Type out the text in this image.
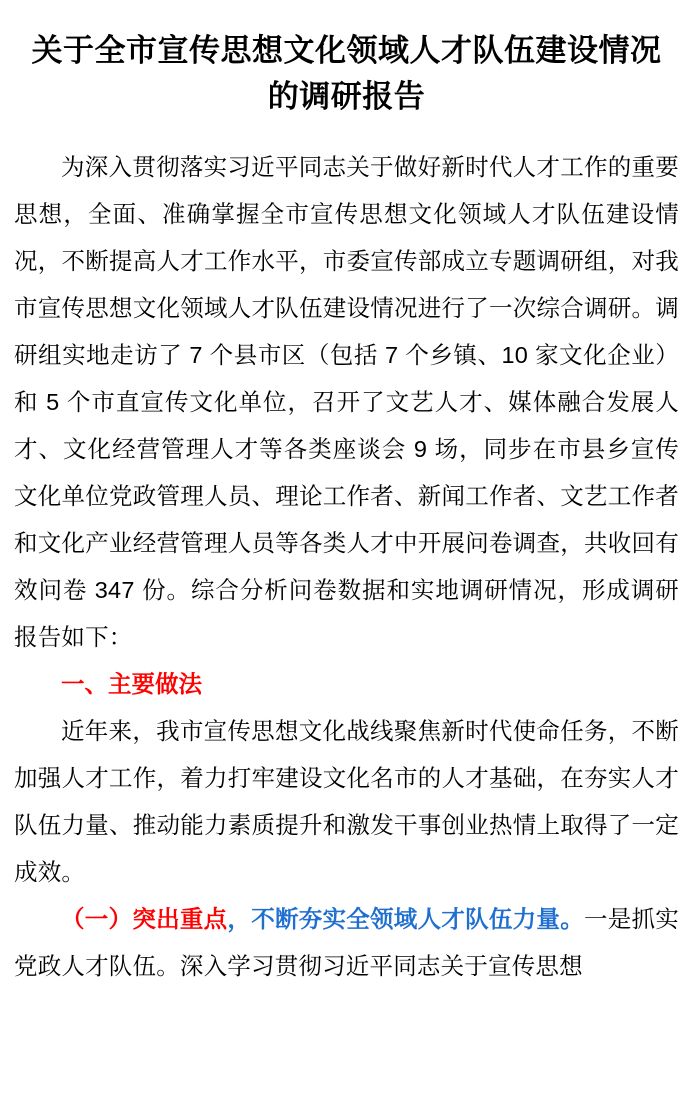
关于全市宣传思想文化领域人才队伍建设情况的调研报告

为深入贯彻落实习近平同志关于做好新时代人才工作的重要思想，全面、准确掌握全市宣传思想文化领域人才队伍建设情况，不断提高人才工作水平，市委宣传部成立专题调研组，对我市宣传思想文化领域人才队伍建设情况进行了一次综合调研。调研组实地走访了 7 个县市区（包括 7 个乡镇、10 家文化企业）和 5 个市直宣传文化单位，召开了文艺人才、媒体融合发展人才、文化经营管理人才等各类座谈会 9 场，同步在市县乡宣传文化单位党政管理人员、理论工作者、新闻工作者、文艺工作者和文化产业经营管理人员等各类人才中开展问卷调查，共收回有效问卷 347 份。综合分析问卷数据和实地调研情况，形成调研报告如下：

一、主要做法

近年来，我市宣传思想文化战线聚焦新时代使命任务，不断加强人才工作，着力打牢建设文化名市的人才基础，在夯实人才队伍力量、推动能力素质提升和激发干事创业热情上取得了一定成效。

（一）突出重点，不断夯实全领域人才队伍力量。一是抓实党政人才队伍。深入学习贯彻习近平同志关于宣传思想
